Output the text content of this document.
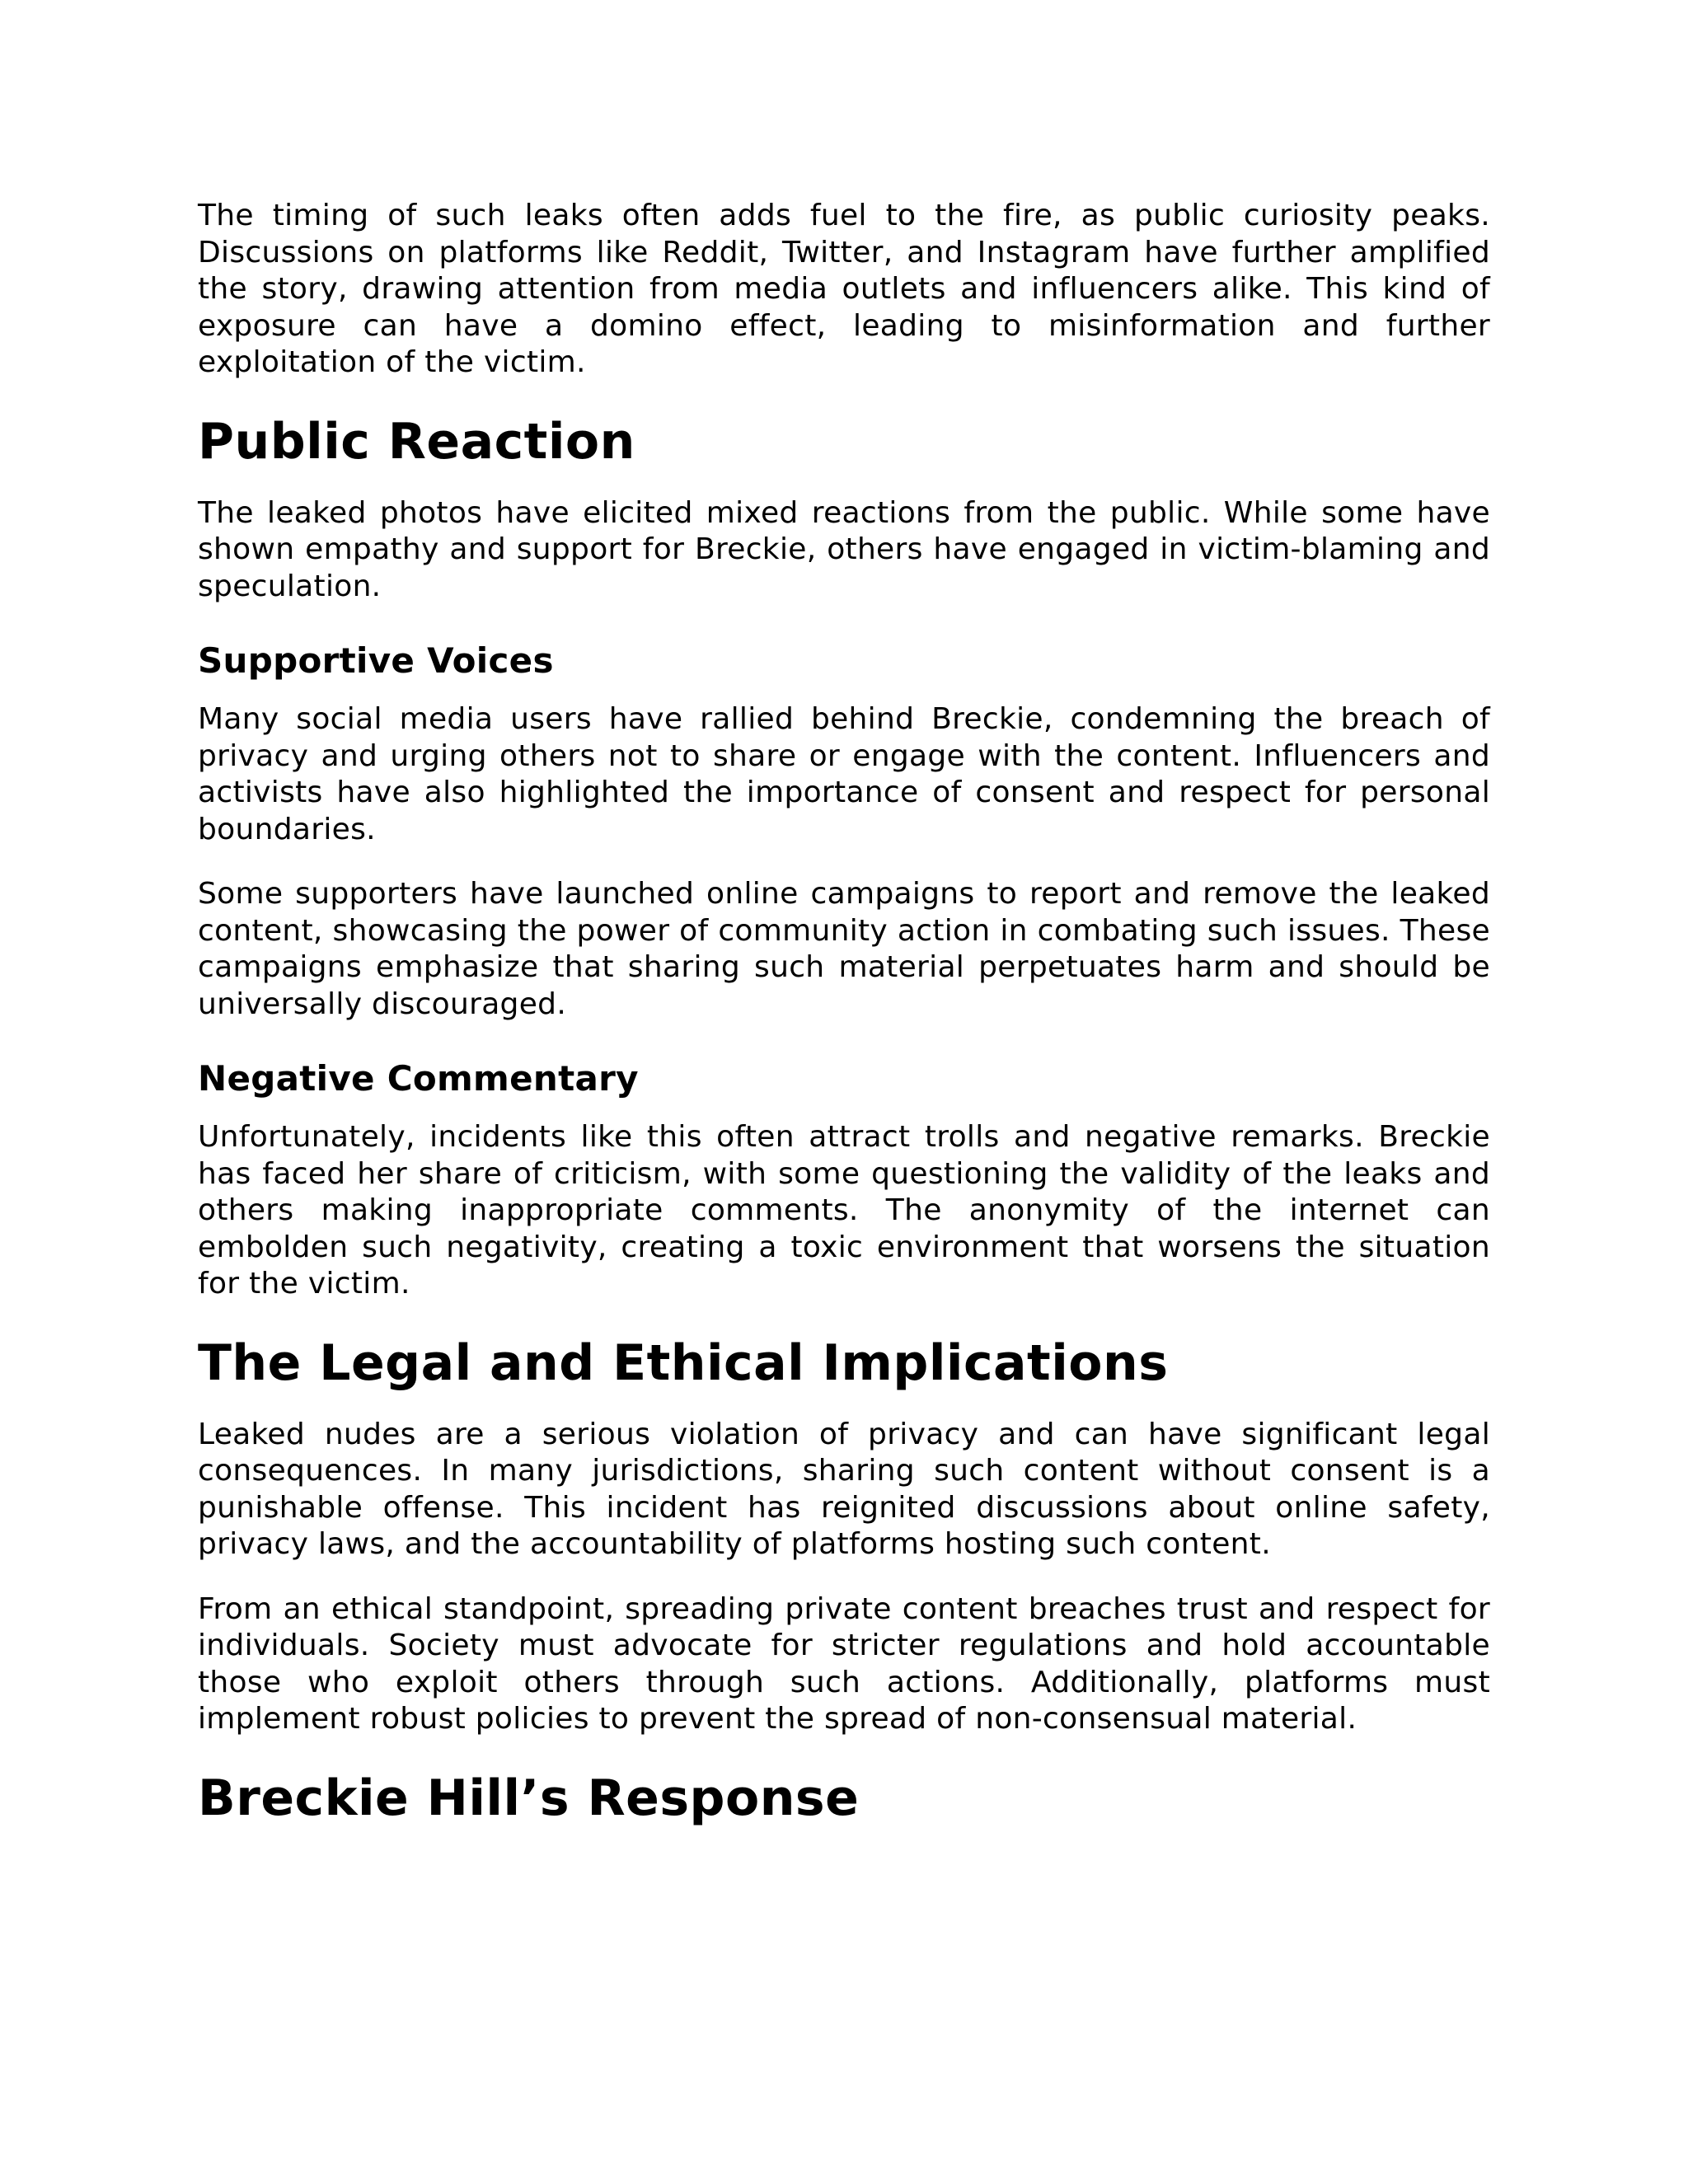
The timing of such leaks often adds fuel to the fire, as public curiosity peaks. Discussions on platforms like Reddit, Twitter, and Instagram have further amplified the story, drawing attention from media outlets and influencers alike. This kind of exposure can have a domino effect, leading to misinformation and further exploitation of the victim.

Public Reaction

The leaked photos have elicited mixed reactions from the public. While some have shown empathy and support for Breckie, others have engaged in victim-blaming and speculation.

Supportive Voices

Many social media users have rallied behind Breckie, condemning the breach of privacy and urging others not to share or engage with the content. Influencers and activists have also highlighted the importance of consent and respect for personal boundaries.

Some supporters have launched online campaigns to report and remove the leaked content, showcasing the power of community action in combating such issues. These campaigns emphasize that sharing such material perpetuates harm and should be universally discouraged.

Negative Commentary

Unfortunately, incidents like this often attract trolls and negative remarks. Breckie has faced her share of criticism, with some questioning the validity of the leaks and others making inappropriate comments. The anonymity of the internet can embolden such negativity, creating a toxic environment that worsens the situation for the victim.

The Legal and Ethical Implications

Leaked nudes are a serious violation of privacy and can have significant legal consequences. In many jurisdictions, sharing such content without consent is a punishable offense. This incident has reignited discussions about online safety, privacy laws, and the accountability of platforms hosting such content.

From an ethical standpoint, spreading private content breaches trust and respect for individuals. Society must advocate for stricter regulations and hold accountable those who exploit others through such actions. Additionally, platforms must implement robust policies to prevent the spread of non-consensual material.

Breckie Hill’s Response
